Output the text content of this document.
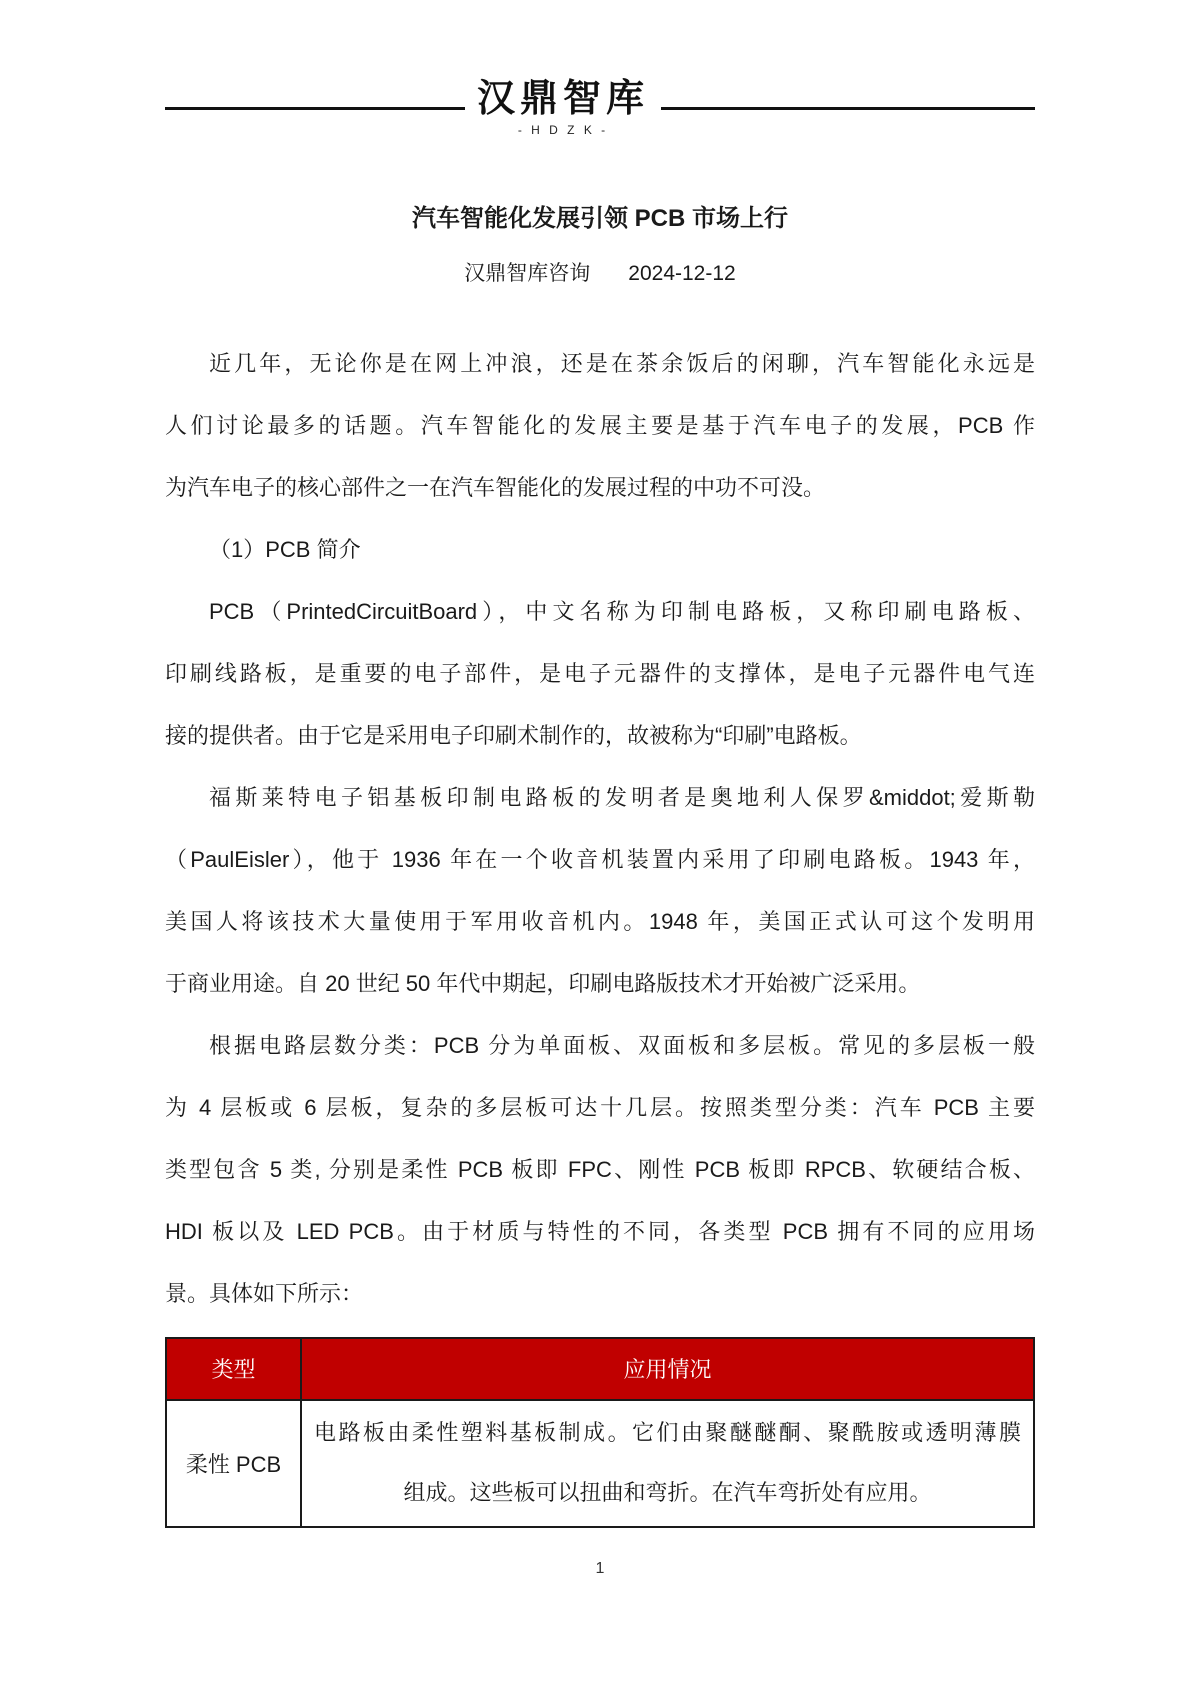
汉鼎智库
- H D Z K -
汽车智能化发展引领 PCB 市场上行
汉鼎智库咨询 2024-12-12
近几年，无论你是在网上冲浪，还是在茶余饭后的闲聊，汽车智能化永远是
人们讨论最多的话题。汽车智能化的发展主要是基于汽车电子的发展，PCB 作
为汽车电子的核心部件之一在汽车智能化的发展过程的中功不可没。
（1）PCB 简介
PCB（PrintedCircuitBoard），中文名称为印制电路板，又称印刷电路板、
印刷线路板，是重要的电子部件，是电子元器件的支撑体，是电子元器件电气连
接的提供者。由于它是采用电子印刷术制作的，故被称为“印刷”电路板。
福斯莱特电子铝基板印制电路板的发明者是奥地利人保罗&middot;爱斯勒
（PaulEisler），他于 1936 年在一个收音机装置内采用了印刷电路板。1943 年，
美国人将该技术大量使用于军用收音机内。1948 年，美国正式认可这个发明用
于商业用途。自 20 世纪 50 年代中期起，印刷电路版技术才开始被广泛采用。
根据电路层数分类：PCB 分为单面板、双面板和多层板。常见的多层板一般
为 4 层板或 6 层板，复杂的多层板可达十几层。按照类型分类：汽车 PCB 主要
类型包含 5 类, 分别是柔性 PCB 板即 FPC、刚性 PCB 板即 RPCB、软硬结合板、
HDI 板以及 LED PCB。由于材质与特性的不同，各类型 PCB 拥有不同的应用场
景。具体如下所示：
类型	应用情况
柔性 PCB	电路板由柔性塑料基板制成。它们由聚醚醚酮、聚酰胺或透明薄膜
组成。这些板可以扭曲和弯折。在汽车弯折处有应用。
1
